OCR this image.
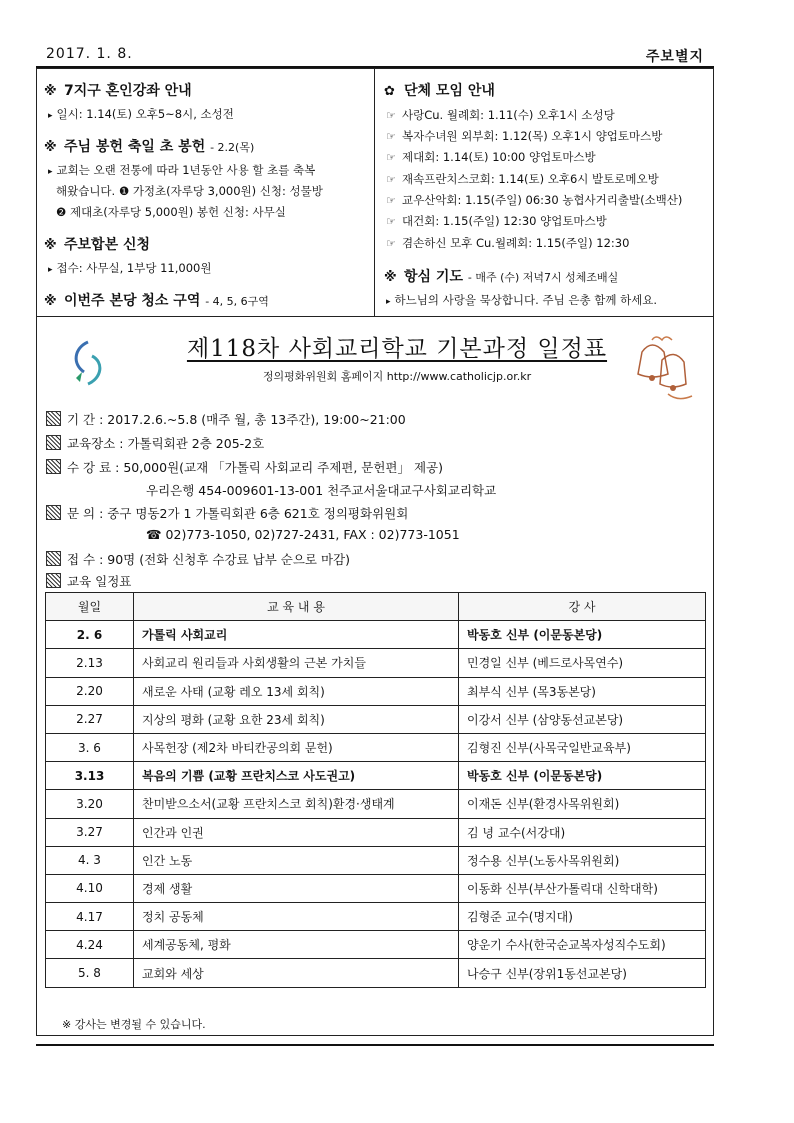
2017. 1. 8.	주보별지
※ 7지구 혼인강좌 안내
▸ 일시: 1.14(토) 오후5~8시, 소성전
※ 주님 봉헌 축일 초 봉헌 - 2.2(목)
▸ 교회는 오랜 전통에 따라 1년동안 사용 할 초를 축복
해왔습니다. ❶ 가정초(자루당 3,000원) 신청: 성물방
❷ 제대초(자루당 5,000원) 봉헌 신청: 사무실
※ 주보합본 신청
▸ 접수: 사무실, 1부당 11,000원
※ 이번주 본당 청소 구역 - 4, 5, 6구역
✿ 단체 모임 안내
☞ 사랑Cu. 월례회: 1.11(수) 오후1시 소성당
☞ 복자수녀원 외부회: 1.12(목) 오후1시 양업토마스방
☞ 제대회: 1.14(토) 10:00 양업토마스방
☞ 재속프란치스코회: 1.14(토) 오후6시 발토로메오방
☞ 교우산악회: 1.15(주일) 06:30 농협사거리출발(소백산)
☞ 대건회: 1.15(주일) 12:30 양업토마스방
☞ 겸손하신 모후 Cu.월례회: 1.15(주일) 12:30
※ 항심 기도 - 매주 (수) 저녁7시 성체조배실
▸ 하느님의 사랑을 묵상합니다. 주님 은총 함께 하세요.
제118차 사회교리학교 기본과정 일정표
정의평화위원회 홈페이지 http://www.catholicjp.or.kr
기 간 : 2017.2.6.~5.8 (매주 월, 총 13주간), 19:00~21:00
교육장소 : 가톨릭회관 2층 205-2호
수 강 료 : 50,000원(교재 「가톨릭 사회교리 주제편, 문헌편」 제공)
우리은행 454-009601-13-001 천주교서울대교구사회교리학교
문 의 : 중구 명동2가 1 가톨릭회관 6층 621호 정의평화위원회
☎ 02)773-1050, 02)727-2431, FAX : 02)773-1051
접 수 : 90명 (전화 신청후 수강료 납부 순으로 마감)
교육 일정표
월일	교 육 내 용	강 사
2. 6	가톨릭 사회교리	박동호 신부 (이문동본당)
2.13	사회교리 원리들과 사회생활의 근본 가치들	민경일 신부 (베드로사목연수)
2.20	새로운 사태 (교황 레오 13세 회칙)	최부식 신부 (목3동본당)
2.27	지상의 평화 (교황 요한 23세 회칙)	이강서 신부 (삼양동선교본당)
3. 6	사목헌장 (제2차 바티칸공의회 문헌)	김형진 신부(사목국일반교육부)
3.13	복음의 기쁨 (교황 프란치스코 사도권고)	박동호 신부 (이문동본당)
3.20	찬미받으소서(교황 프란치스코 회칙)환경·생태계	이재돈 신부(환경사목위원회)
3.27	인간과 인권	김 녕 교수(서강대)
4. 3	인간 노동	정수용 신부(노동사목위원회)
4.10	경제 생활	이동화 신부(부산가톨릭대 신학대학)
4.17	정치 공동체	김형준 교수(명지대)
4.24	세계공동체, 평화	양운기 수사(한국순교복자성직수도회)
5. 8	교회와 세상	나승구 신부(장위1동선교본당)
※ 강사는 변경될 수 있습니다.
